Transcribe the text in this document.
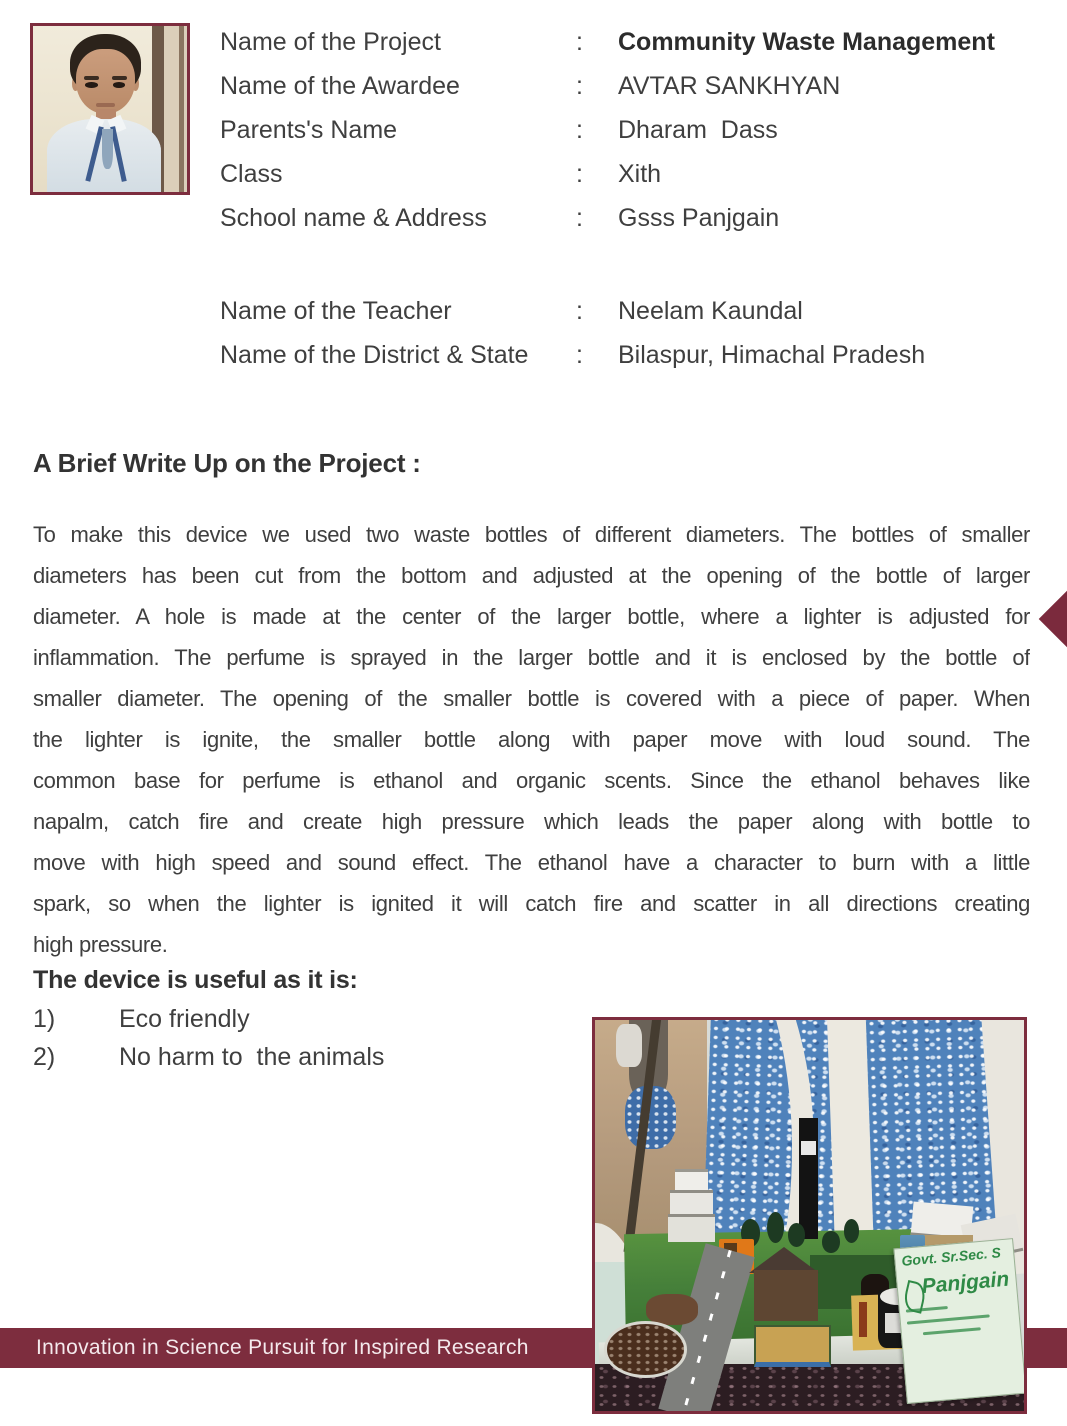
Name of the Project	:	Community Waste Management
Name of the Awardee	:	AVTAR SANKHYAN
Parents's Name	:	Dharam  Dass
Class	:	Xith
School name & Address	:	Gsss Panjgain
Name of the Teacher	:	Neelam Kaundal
Name of the District & State	:	Bilaspur, Himachal Pradesh
A Brief Write Up on the Project :
To make this device we used two waste bottles of different diameters. The bottles of smaller
diameters has been cut from the bottom and adjusted at the opening of the bottle of larger
diameter. A hole is made at the center of the larger bottle, where a lighter is adjusted for
inflammation. The perfume is sprayed in the larger bottle and it is enclosed by the bottle of
smaller diameter. The opening of the smaller bottle is covered with a piece of paper. When
the lighter is ignite, the smaller bottle along with paper move with loud sound. The
common base for perfume is ethanol and organic scents. Since the ethanol behaves like
napalm, catch fire and create high pressure which leads the paper along with bottle to
move with high speed and sound effect. The ethanol have a character to burn with a little
spark, so when the lighter is ignited it will catch fire and scatter in all directions creating
high pressure.
The device is useful as it is:
1)	Eco friendly
2)	No harm to  the animals
Innovation in Science Pursuit for Inspired Research
Govt. Sr.Sec. S
Panjgain
